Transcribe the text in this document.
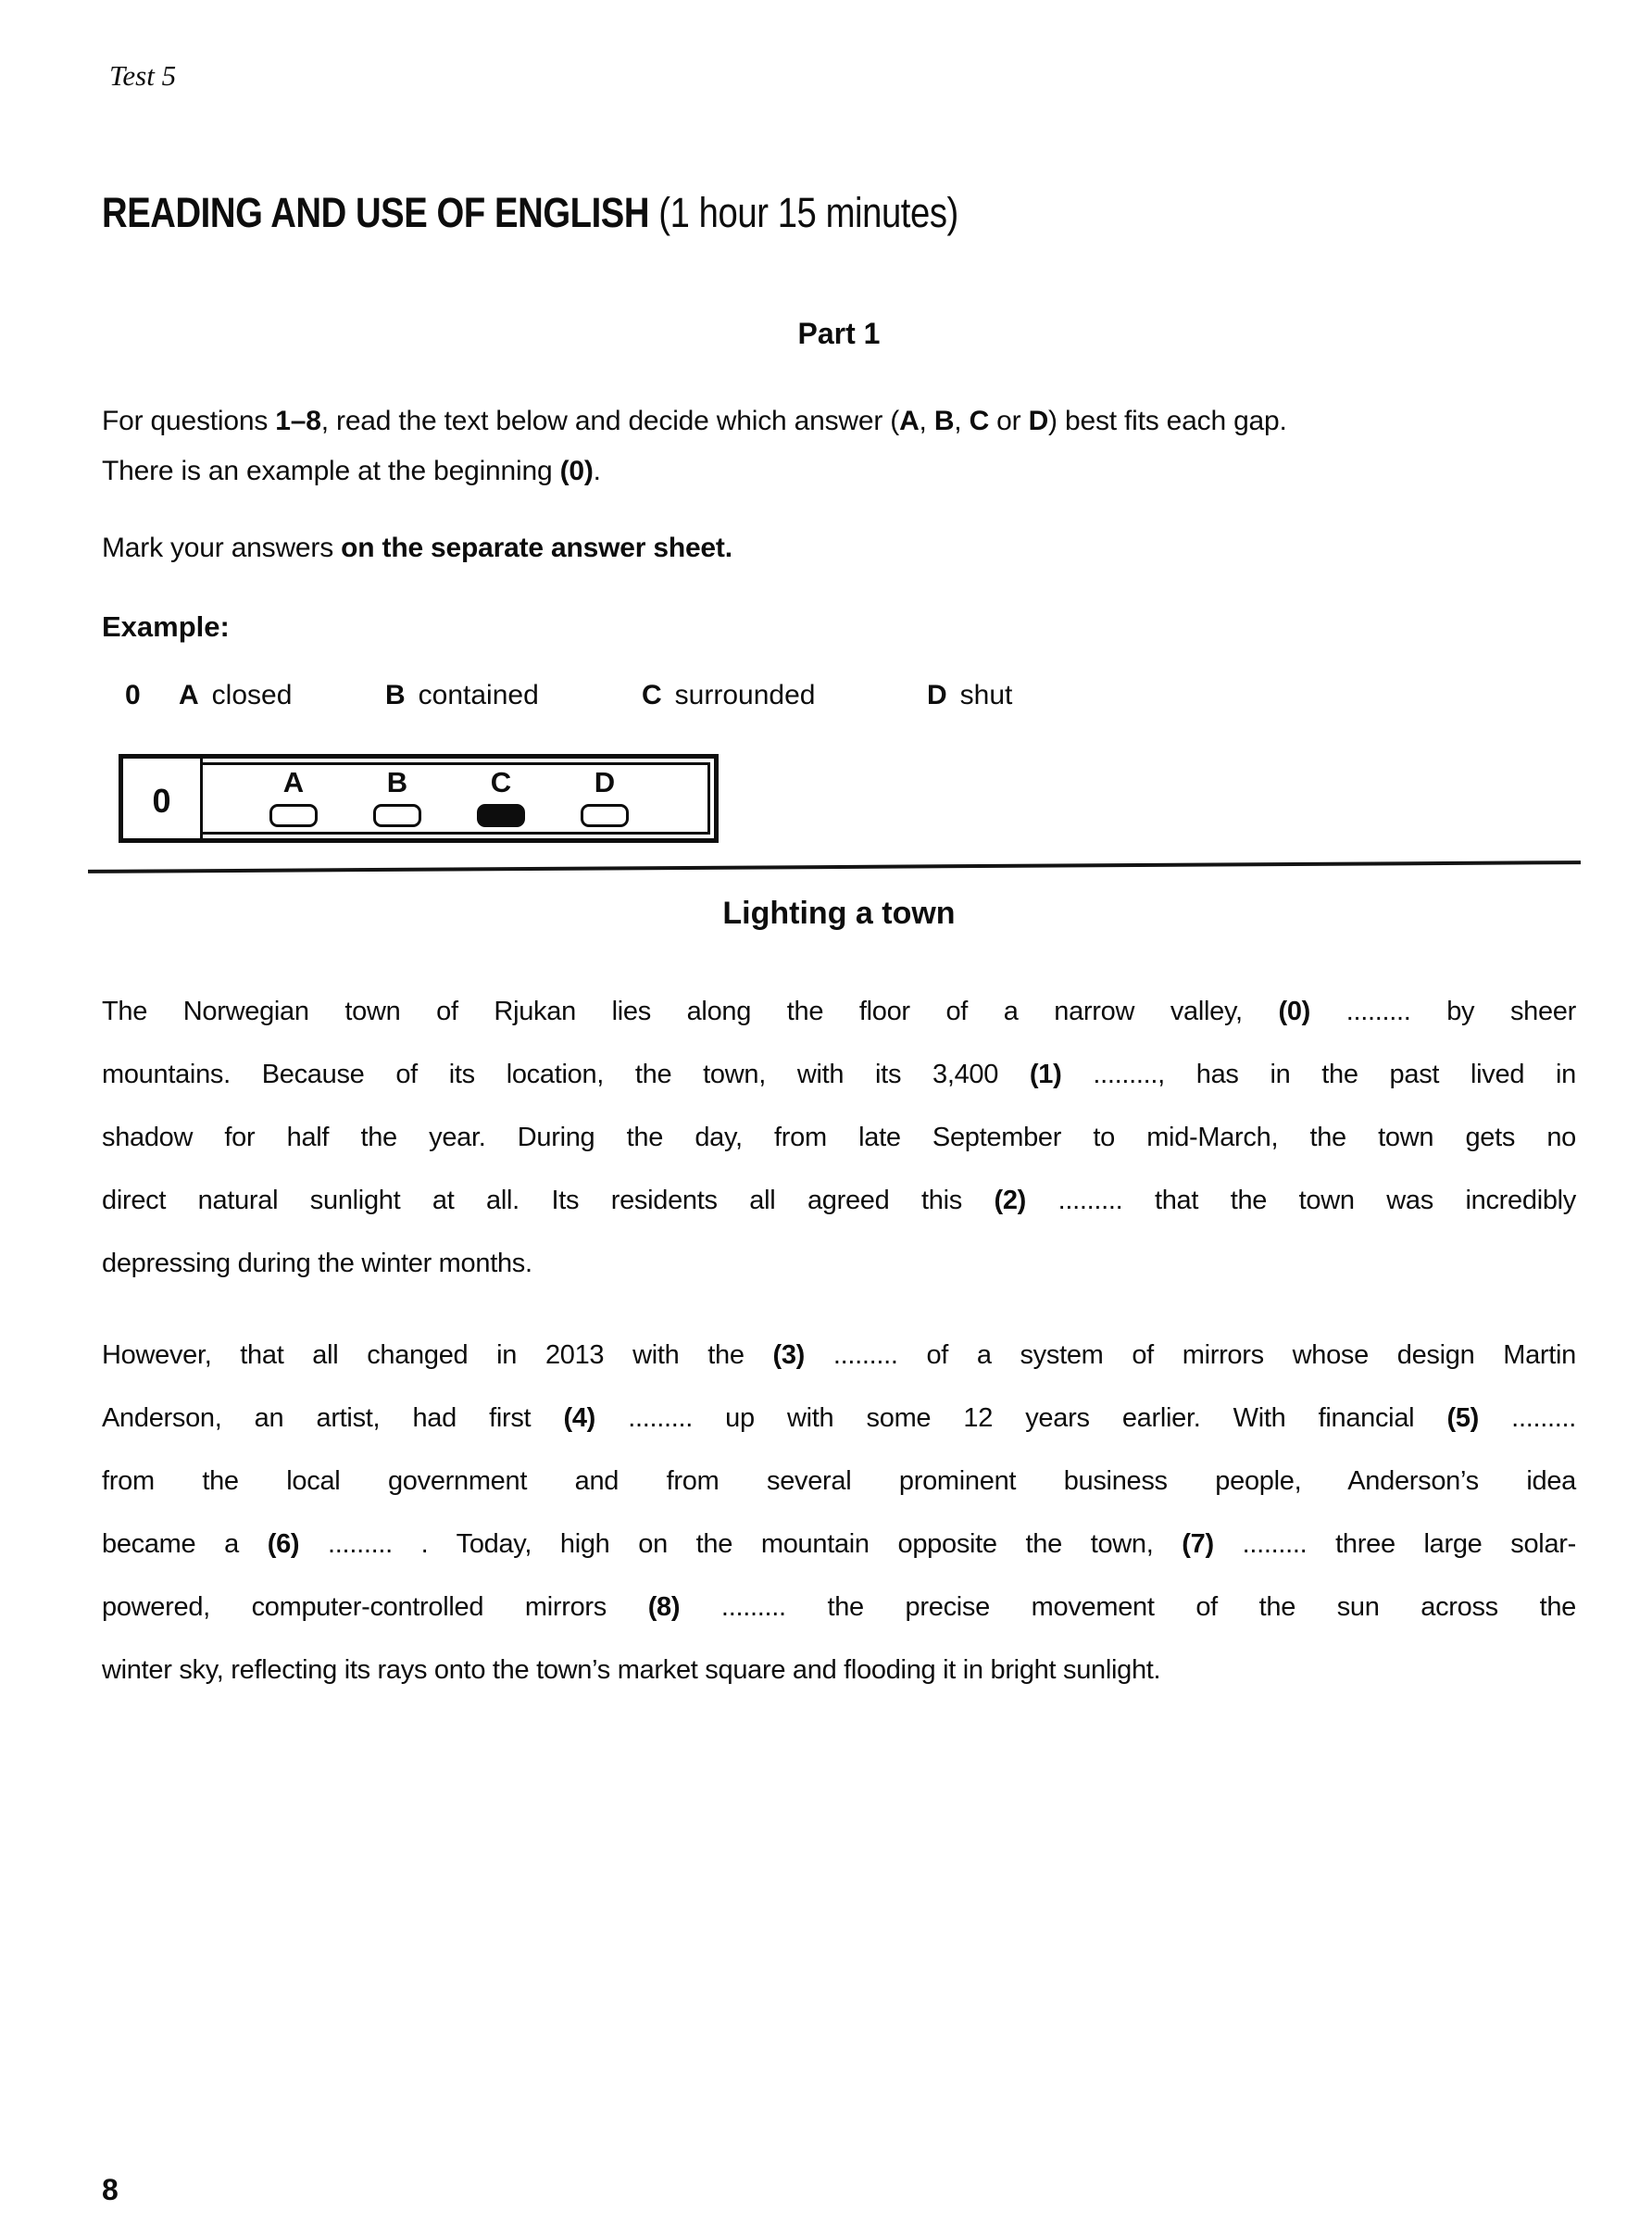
Test 5
READING AND USE OF ENGLISH (1 hour 15 minutes)
Part 1
For questions 1–8, read the text below and decide which answer (A, B, C or D) best fits each gap.
There is an example at the beginning (0).
Mark your answers on the separate answer sheet.
Example:
0 A closed	B contained	C surrounded	D shut
0	A	B	C	D
Lighting a town
The Norwegian town of Rjukan lies along the floor of a narrow valley, (0) ......... by sheer
mountains. Because of its location, the town, with its 3,400 (1) ........., has in the past lived in
shadow for half the year. During the day, from late September to mid-March, the town gets no
direct natural sunlight at all. Its residents all agreed this (2) ......... that the town was incredibly
depressing during the winter months.
However, that all changed in 2013 with the (3) ......... of a system of mirrors whose design Martin
Anderson, an artist, had first (4) ......... up with some 12 years earlier. With financial (5) .........
from the local government and from several prominent business people, Anderson’s idea
became a (6) ......... . Today, high on the mountain opposite the town, (7) ......... three large solar-
powered, computer-controlled mirrors (8) ......... the precise movement of the sun across the
winter sky, reflecting its rays onto the town’s market square and flooding it in bright sunlight.
8
